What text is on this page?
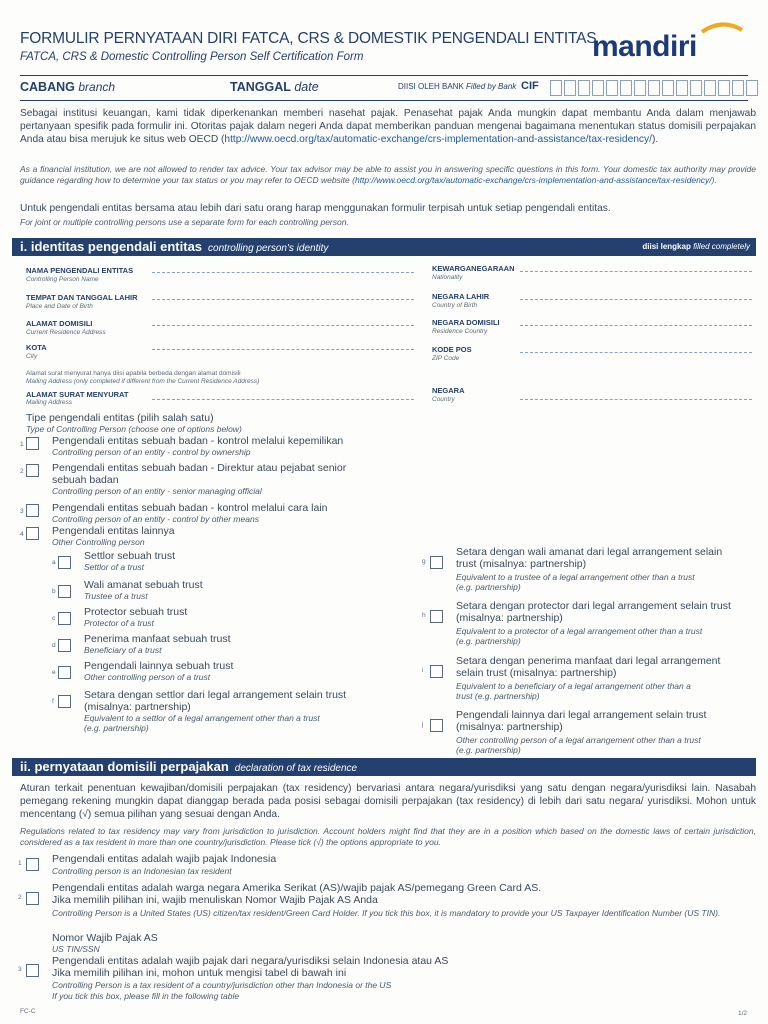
FORMULIR PERNYATAAN DIRI FATCA, CRS & DOMESTIK PENGENDALI ENTITAS
FATCA, CRS & Domestic Controlling Person Self Certification Form	mandiri
CABANG branch	TANGGAL date	DIISI OLEH BANK Filled by Bank CIF
Sebagai institusi keuangan, kami tidak diperkenankan memberi nasehat pajak. Penasehat pajak Anda mungkin dapat membantu Anda dalam menjawab pertanyaan spesifik pada formulir ini. Otoritas pajak dalam negeri Anda dapat memberikan panduan mengenai bagaimana menentukan status domisili perpajakan Anda atau bisa merujuk ke situs web OECD (http://www.oecd.org/tax/automatic-exchange/crs-implementation-and-assistance/tax-residency/).
As a financial institution, we are not allowed to render tax advice. Your tax advisor may be able to assist you in answering specific questions in this form. Your domestic tax authority may provide guidance regarding how to determine your tax status or you may refer to OECD website (http://www.oecd.org/tax/automatic-exchange/crs-implementation-and-assistance/tax-residency/).
Untuk pengendali entitas bersama atau lebih dari satu orang harap menggunakan formulir terpisah untuk setiap pengendali entitas.
For joint or multiple controlling persons use a separate form for each controlling person.
i. identitas pengendali entitas controlling person's identity	diisi lengkap filled completely
NAMA PENGENDALI ENTITAS
Controlling Person Name
TEMPAT DAN TANGGAL LAHIR
Place and Date of Birth
ALAMAT DOMISILI
Current Residence Address
KOTA
City
KEWARGANEGARAAN
Nationality
NEGARA LAHIR
Country of Birth
NEGARA DOMISILI
Residence Country
KODE POS
ZIP Code
Alamat surat menyurat hanya diisi apabila berbeda dengan alamat domisili
Mailing Address (only completed if different from the Current Residence Address)
ALAMAT SURAT MENYURAT
Mailing Address
NEGARA
Country
Tipe pengendali entitas (pilih salah satu)
Type of Controlling Person (choose one of options below)
1	Pengendali entitas sebuah badan - kontrol melalui kepemilikan
Controlling person of an entity - control by ownership
2	Pengendali entitas sebuah badan - Direktur atau pejabat senior
sebuah badan
Controlling person of an entity - senior managing official
3	Pengendali entitas sebuah badan - kontrol melalui cara lain
Controlling person of an entity - control by other means
4	Pengendali entitas lainnya
Other Controlling person
a
Settlor sebuah trust
Settlor of a trust
b
Wali amanat sebuah trust
Trustee of a trust
c
Protector sebuah trust
Protector of a trust
d
Penerima manfaat sebuah trust
Beneficiary of a trust
e
Pengendali lainnya sebuah trust
Other controlling person of a trust
f
Setara dengan settlor dari legal arrangement selain trust
(misalnya: partnership)
Equivalent to a settlor of a legal arrangement other than a trust
(e.g. partnership)
g
Setara dengan wali amanat dari legal arrangement selain
trust (misalnya: partnership)
Equivalent to a trustee of a legal arrangement other than a trust
(e.g. partnership)
h
Setara dengan protector dari legal arrangement selain trust
(misalnya: partnership)
Equivalent to a protector of a legal arrangement other than a trust
(e.g. partnership)
i
Setara dengan penerima manfaat dari legal arrangement
selain trust (misalnya: partnership)
Equivalent to a beneficiary of a legal arrangement other than a
trust (e.g. partnership)
j
Pengendali lainnya dari legal arrangement selain trust
(misalnya: partnership)
Other controlling person of a legal arrangement other than a trust
(e.g. partnership)
ii. pernyataan domisili perpajakan declaration of tax residence
Aturan terkait penentuan kewajiban/domisili perpajakan (tax residency) bervariasi antara negara/yurisdiksi yang satu dengan negara/yurisdiksi lain. Nasabah pemegang rekening mungkin dapat dianggap berada pada posisi sebagai domisili perpajakan (tax residency) di lebih dari satu negara/ yurisdiksi. Mohon untuk mencentang (√) semua pilihan yang sesuai dengan Anda.
Regulations related to tax residency may vary from jurisdiction to jurisdiction. Account holders might find that they are in a position which based on the domestic laws of certain jurisdiction, considered as a tax resident in more than one country/jurisdiction. Please tick (√) the options appropriate to you.
1	Pengendali entitas adalah wajib pajak Indonesia
Controlling person is an Indonesian tax resident
2
Pengendali entitas adalah warga negara Amerika Serikat (AS)/wajib pajak AS/pemegang Green Card AS.
Jika memilih pilihan ini, wajib menuliskan Nomor Wajib Pajak AS Anda
Controlling Person is a United States (US) citizen/tax resident/Green Card Holder. If you tick this box, it is mandatory to provide your US Taxpayer Identification Number (US TIN).
Nomor Wajib Pajak AS
US TIN/SSN
3
Pengendali entitas adalah wajib pajak dari negara/yurisdiksi selain Indonesia atau AS
Jika memilih pilihan ini, mohon untuk mengisi tabel di bawah ini
Controlling Person is a tax resident of a country/jurisdiction other than Indonesia or the US
If you tick this box, please fill in the following table
FC-C	1/2
